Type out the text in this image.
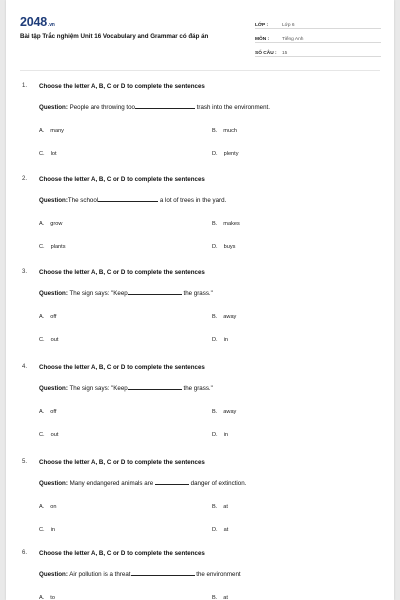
2048.vn
Bài tập Trắc nghiệm Unit 16 Vocabulary and Grammar có đáp án
LỚP :	Lớp 6
MÔN :	Tiếng Anh
SỐ CÂU :	15
1. Choose the letter A, B, C or D to complete the sentences
Question: People are throwing too	trash into the environment.
A. many	B. much
C. lot	D. plenty
2. Choose the letter A, B, C or D to complete the sentences
Question:The school	a lot of trees in the yard.
A. grow	B. makes
C. plants	D. buys
3. Choose the letter A, B, C or D to complete the sentences
Question: The sign says: "Keep	the grass."
A. off	B. away
C. out	D. in
4. Choose the letter A, B, C or D to complete the sentences
Question: The sign says: "Keep	the grass."
A. off	B. away
C. out	D. in
5. Choose the letter A, B, C or D to complete the sentences
Question: Many endangered animals are	danger of extinction.
A. on	B. at
C. in	D. at
6. Choose the letter A, B, C or D to complete the sentences
Question: Air pollution is a threat	the environment
A. to	B. at
